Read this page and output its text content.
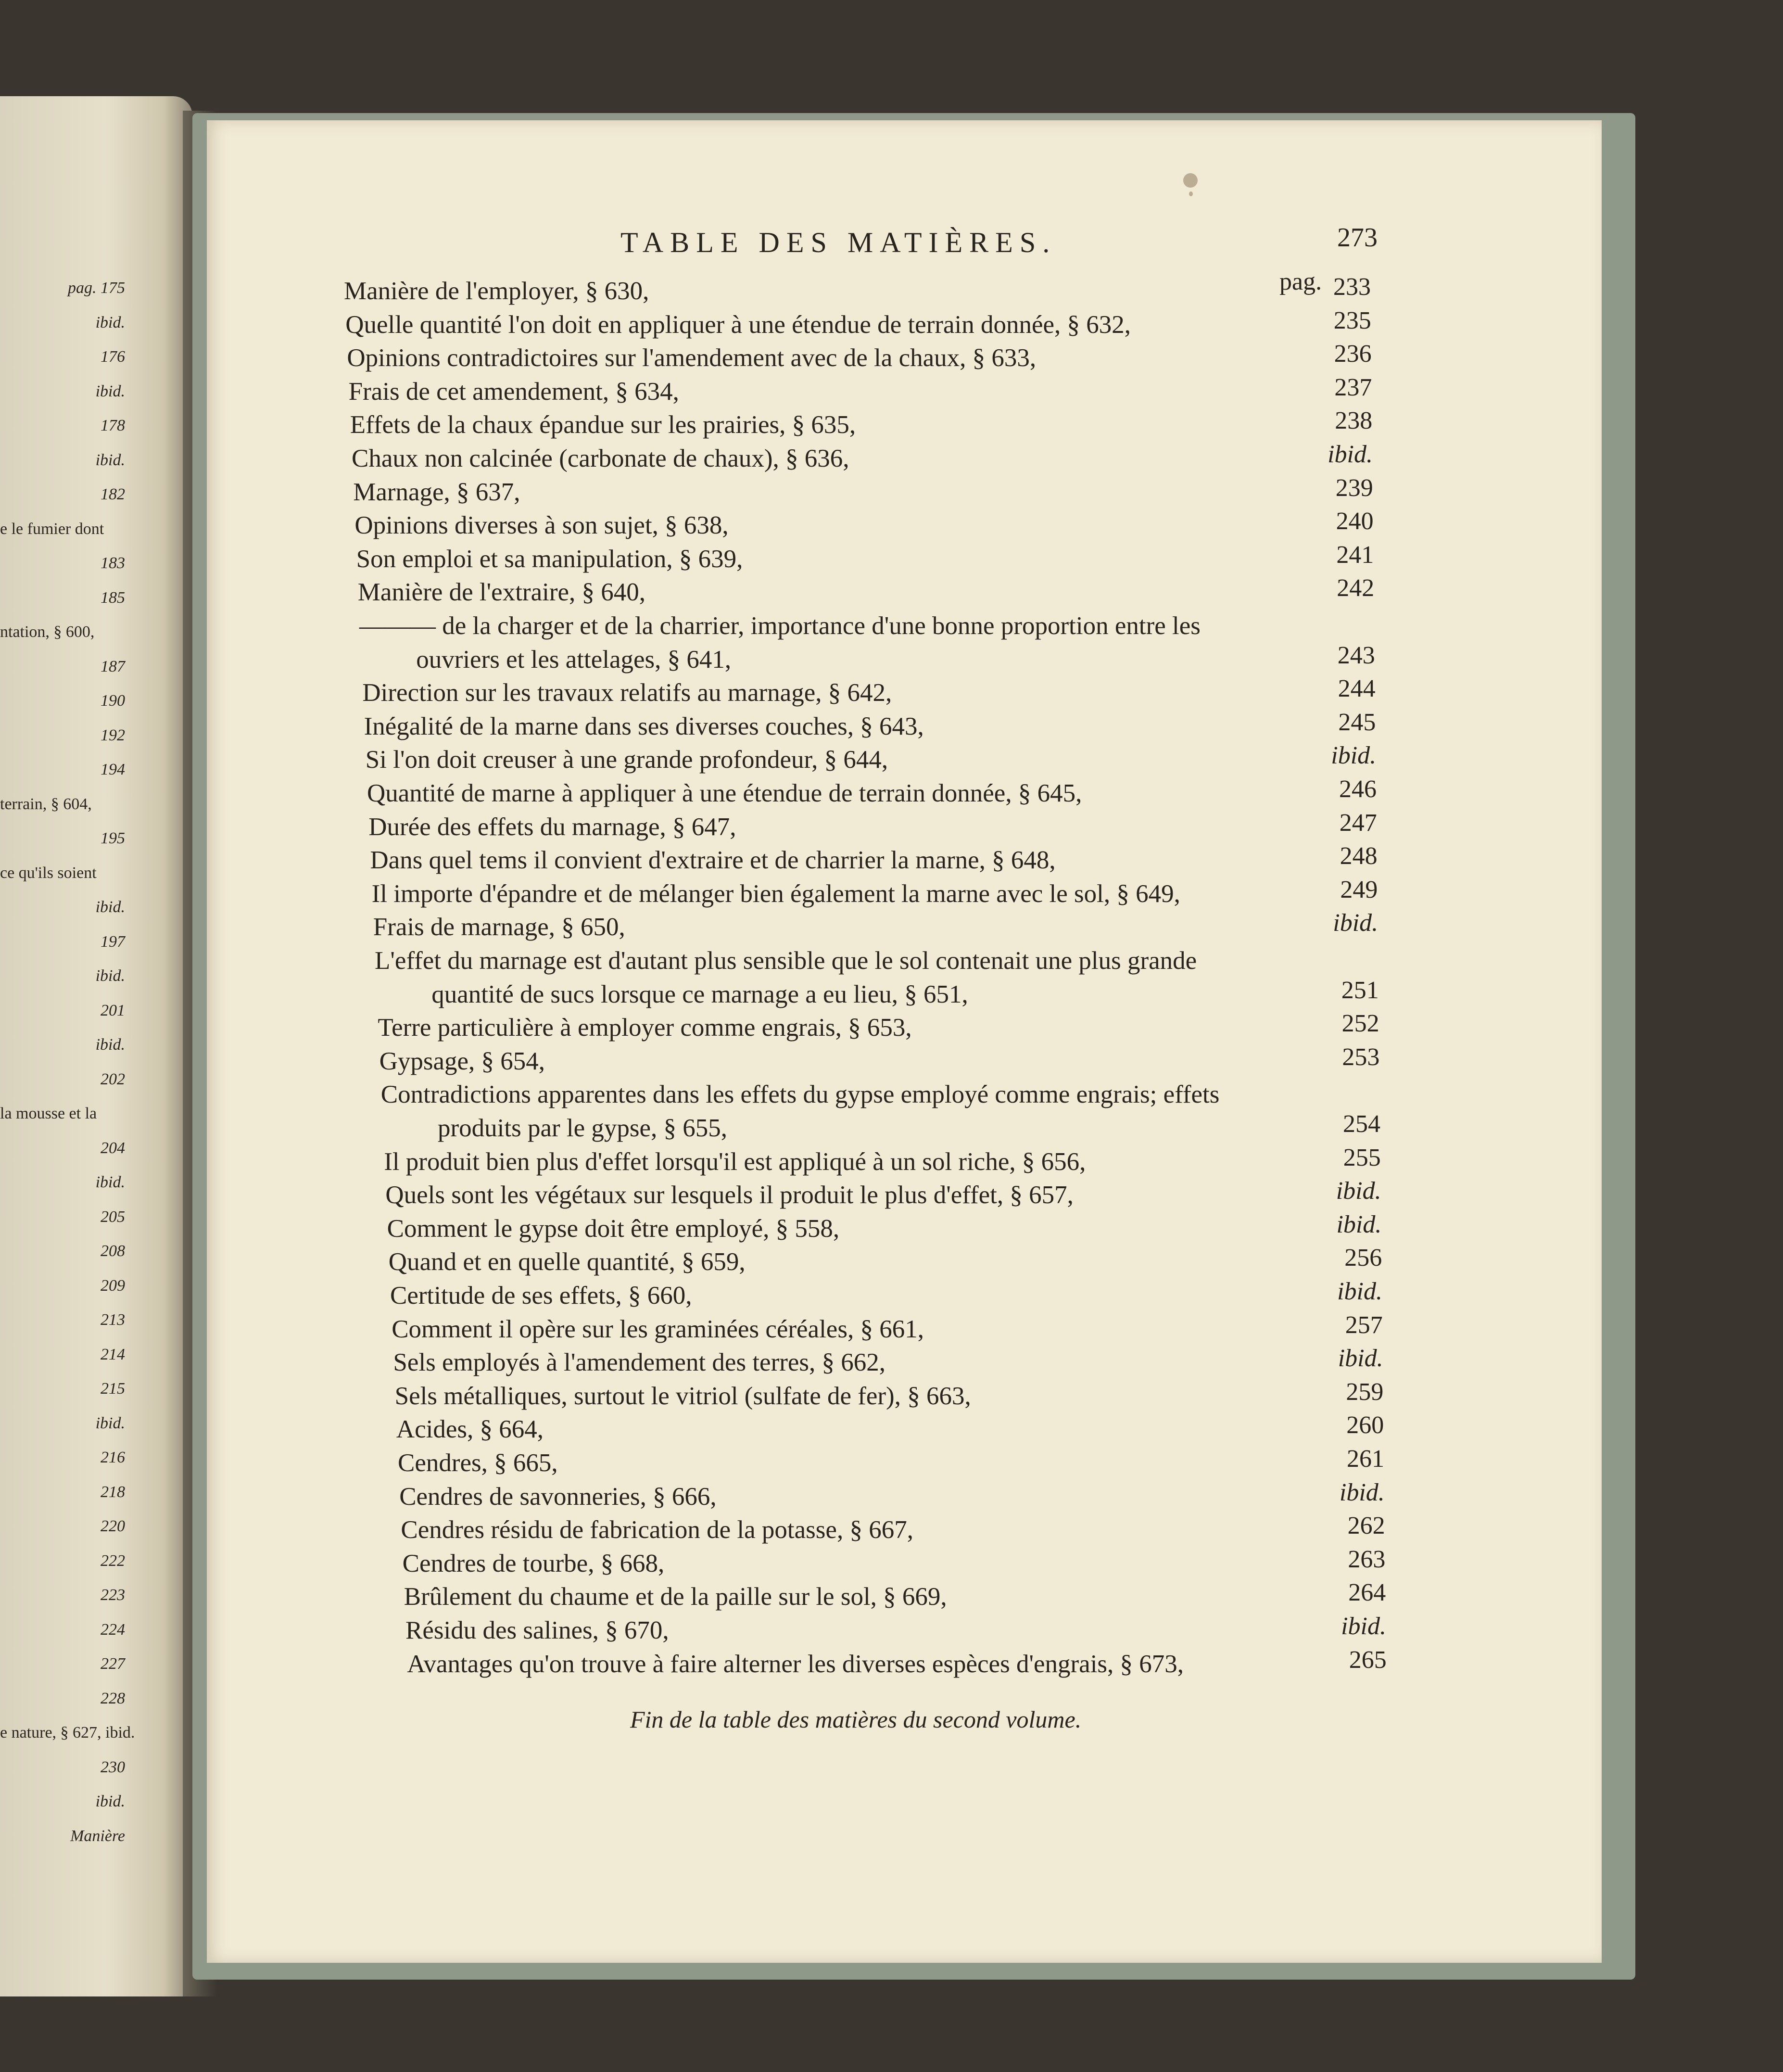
pag. 175
ibid.
176
ibid.
178
ibid.
182
e le fumier dont
183
185
ntation, § 600,
187
190
192
194
terrain, § 604,
195
ce qu'ils soient
ibid.
197
ibid.
201
ibid.
202
la mousse et la
204
ibid.
205
208
209
213
214
215
ibid.
216
218
220
222
223
224
227
228
e nature, § 627, ibid.
230
ibid.
Manière
TABLE DES MATIÈRES.	273
pag.
Fin de la table des matières du second volume.
Manière de l'employer, § 630,	233
Quelle quantité l'on doit en appliquer à une étendue de terrain donnée, § 632,	235
Opinions contradictoires sur l'amendement avec de la chaux, § 633,	236
Frais de cet amendement, § 634,	237
Effets de la chaux épandue sur les prairies, § 635,	238
Chaux non calcinée (carbonate de chaux), § 636,	ibid.
Marnage, § 637,	239
Opinions diverses à son sujet, § 638,	240
Son emploi et sa manipulation, § 639,	241
Manière de l'extraire, § 640,	242
——— de la charger et de la charrier, importance d'une bonne proportion entre les
ouvriers et les attelages, § 641,	243
Direction sur les travaux relatifs au marnage, § 642,	244
Inégalité de la marne dans ses diverses couches, § 643,	245
Si l'on doit creuser à une grande profondeur, § 644,	ibid.
Quantité de marne à appliquer à une étendue de terrain donnée, § 645,	246
Durée des effets du marnage, § 647,	247
Dans quel tems il convient d'extraire et de charrier la marne, § 648,	248
Il importe d'épandre et de mélanger bien également la marne avec le sol, § 649,	249
Frais de marnage, § 650,	ibid.
L'effet du marnage est d'autant plus sensible que le sol contenait une plus grande
quantité de sucs lorsque ce marnage a eu lieu, § 651,	251
Terre particulière à employer comme engrais, § 653,	252
Gypsage, § 654,	253
Contradictions apparentes dans les effets du gypse employé comme engrais; effets
produits par le gypse, § 655,	254
Il produit bien plus d'effet lorsqu'il est appliqué à un sol riche, § 656,	255
Quels sont les végétaux sur lesquels il produit le plus d'effet, § 657,	ibid.
Comment le gypse doit être employé, § 558,	ibid.
Quand et en quelle quantité, § 659,	256
Certitude de ses effets, § 660,	ibid.
Comment il opère sur les graminées céréales, § 661,	257
Sels employés à l'amendement des terres, § 662,	ibid.
Sels métalliques, surtout le vitriol (sulfate de fer), § 663,	259
Acides, § 664,	260
Cendres, § 665,	261
Cendres de savonneries, § 666,	ibid.
Cendres résidu de fabrication de la potasse, § 667,	262
Cendres de tourbe, § 668,	263
Brûlement du chaume et de la paille sur le sol, § 669,	264
Résidu des salines, § 670,	ibid.
Avantages qu'on trouve à faire alterner les diverses espèces d'engrais, § 673,	265
